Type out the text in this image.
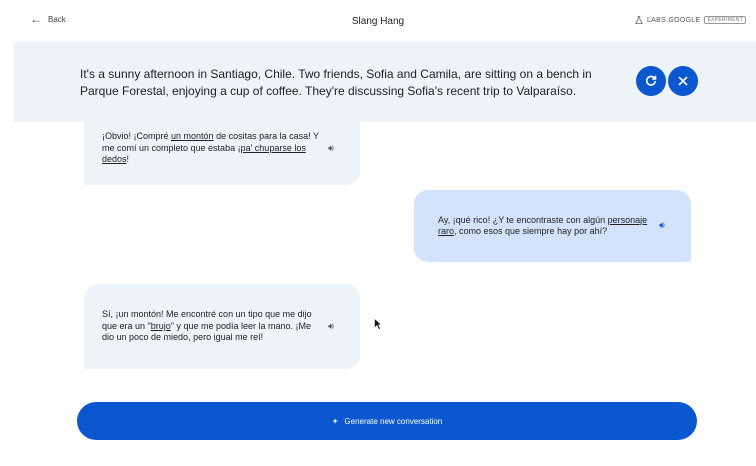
← Back	Slang Hang	LABS.GOOGLE	EXPERIMENT
It's a sunny afternoon in Santiago, Chile. Two friends, Sofia and Camila, are sitting on a bench in Parque Forestal, enjoying a cup of coffee. They're discussing Sofia's recent trip to Valparaíso.
¡Obvio! ¡Compré un montón de cositas para la casa! Y me comí un completo que estaba ¡pa' chuparse los dedos!
🔊︎
Ay, ¡qué rico! ¿Y te encontraste con algún personaje raro, como esos que siempre hay por ahí?
🔊︎
Sí, ¡un montón! Me encontré con un tipo que me dijo que era un "brujo" y que me podía leer la mano. ¡Me dio un poco de miedo, pero igual me reí!
🔊︎
✦ Generate new conversation
